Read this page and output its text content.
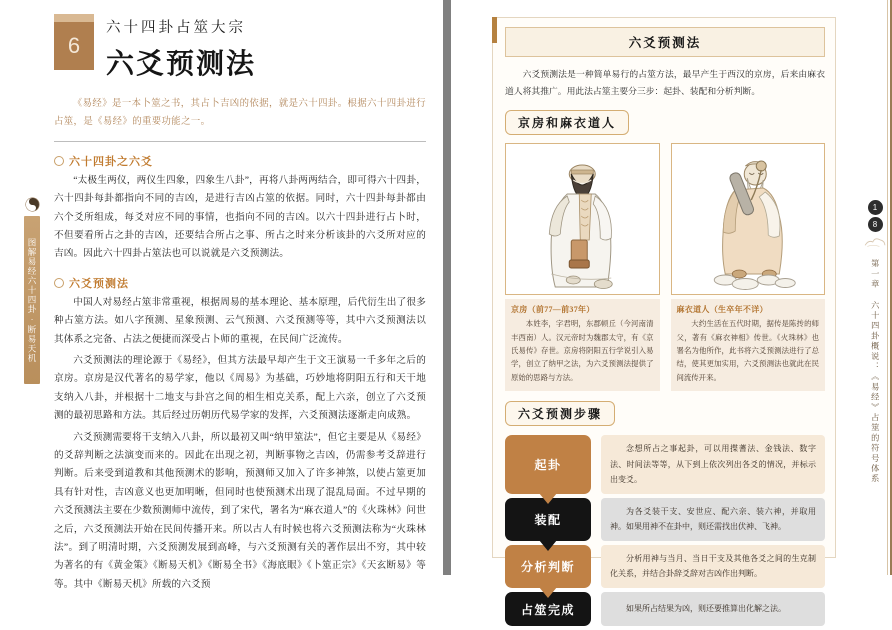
图解易经六十四卦·断易天机
6
六十四卦占筮大宗
六爻预测法
《易经》是一本卜筮之书，其占卜吉凶的依据，就是六十四卦。根据六十四卦进行占筮，是《易经》的重要功能之一。
六十四卦之六爻
“太极生两仪，两仪生四象，四象生八卦”，再将八卦两两结合，即可得六十四卦，六十四卦每卦都指向不同的吉凶，是进行吉凶占筮的依据。同时，六十四卦每卦都由六个爻所组成，每爻对应不同的事情，也指向不同的吉凶。以六十四卦进行占卜时，不但要看所占之卦的吉凶，还要结合所占之事、所占之时来分析该卦的六爻所对应的吉凶。因此六十四卦占筮法也可以说就是六爻预测法。
六爻预测法
中国人对易经占筮非常重视，根据周易的基本理论、基本原理，后代衍生出了很多种占筮方法。如八字预测、星象预测、云气预测、六爻预测等等，其中六爻预测法以其体系之完备、占法之便捷而深受占卜师的重视，在民间广泛流传。
六爻预测法的理论源于《易经》，但其方法最早却产生于文王演易一千多年之后的京房。京房是汉代著名的易学家，他以《周易》为基础，巧妙地将阴阳五行和天干地支纳入八卦，并根据十二地支与卦宫之间的相生相克关系，配上六亲，创立了六爻预测的最初思路和方法。其后经过历朝历代易学家的发挥，六爻预测法逐渐走向成熟。
六爻预测需要将干支纳入八卦，所以最初又叫“纳甲筮法”，但它主要是从《易经》的爻辞判断之法演变而来的。因此在出现之初，判断事物之吉凶，仍需参考爻辞进行判断。后来受到道教和其他预测术的影响，预测师又加入了许多神煞，以使占筮更加具有针对性，吉凶意义也更加明晰，但同时也使预测术出现了混乱局面。不过早期的六爻预测法主要在少数预测师中流传，到了宋代，署名为“麻衣道人”的《火珠林》问世之后，六爻预测法开始在民间传播开来。所以古人有时候也将六爻预测法称为“火珠林法”。到了明清时期，六爻预测发展到高峰，与六爻预测有关的著作层出不穷，其中较为著名的有《黄金策》《断易天机》《断易全书》《海底眼》《卜筮正宗》《天玄断易》等等。其中《断易天机》所载的六爻预
六爻预测法
六爻预测法是一种简单易行的占筮方法，最早产生于西汉的京房，后来由麻衣道人将其推广。用此法占筮主要分三步：起卦、装配和分析判断。
京房和麻衣道人
京房（前77—前37年）
本姓李，字君明，东郡顿丘（今河南清丰西南）人。汉元帝时为魏郡太守，有《京氏易传》存世。京房将阴阳五行学说引入易学，创立了纳甲之法，为六爻预测法提供了原始的思路与方法。
麻衣道人（生卒年不详）
大约生活在五代时期，据传是陈抟的师父，著有《麻衣神相》传世。《火珠林》也署名为他所作，此书将六爻预测法进行了总结，使其更加实用，六爻预测法也就此在民间流传开来。
六爻预测步骤
起卦
念想所占之事起卦，可以用揲蓍法、金钱法、数字法、时间法等等，从下到上依次列出各爻的情况，并标示出变爻。
装配
为各爻装干支、安世应、配六亲、装六神，并取用神。如果用神不在卦中，则还需找出伏神、飞神。
分析判断
分析用神与当月、当日干支及其他各爻之间的生克制化关系，并结合卦辞爻辞对吉凶作出判断。
占筮完成	如果所占结果为凶，则还要推算出化解之法。
1
8
第一章 六十四卦概说：《易经》占筮的符号体系
